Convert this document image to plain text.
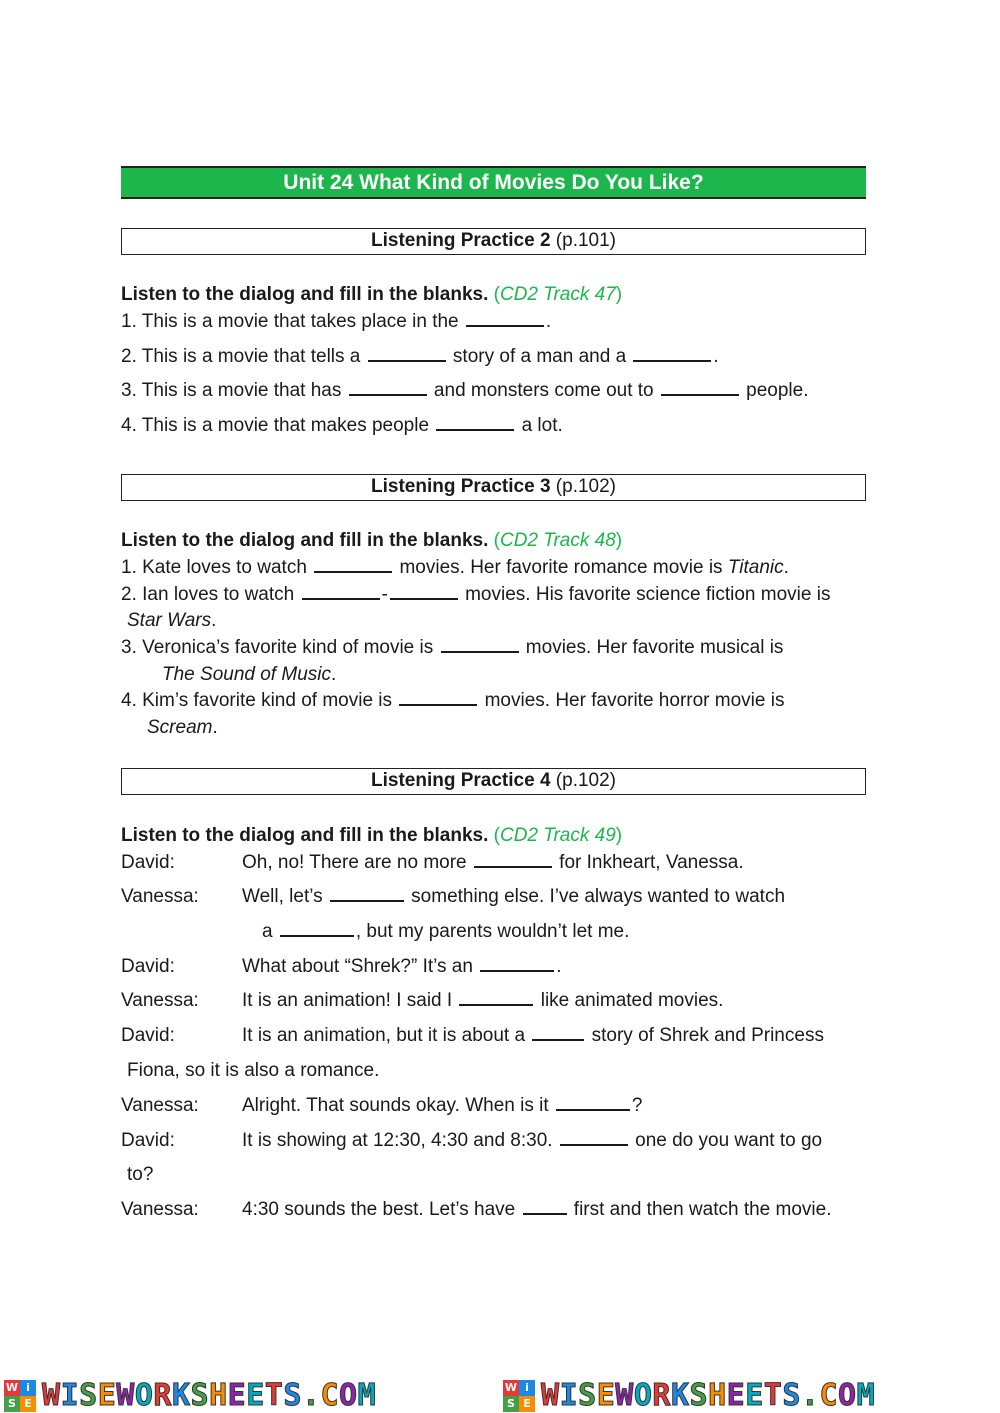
Unit 24 What Kind of Movies Do You Like?
Listening Practice 2 (p.101)
Listen to the dialog and fill in the blanks. (CD2 Track 47)
1. This is a movie that takes place in the	.
2. This is a movie that tells a	story of a man and a	.
3. This is a movie that has	and monsters come out to	people.
4. This is a movie that makes people	a lot.
Listening Practice 3 (p.102)
Listen to the dialog and fill in the blanks. (CD2 Track 48)
1. Kate loves to watch	movies. Her favorite romance movie is Titanic.
2. Ian loves to watch	-	movies. His favorite science fiction movie is
Star Wars.
3. Veronica’s favorite kind of movie is	movies. Her favorite musical is
The Sound of Music.
4. Kim’s favorite kind of movie is	movies. Her favorite horror movie is
Scream.
Listening Practice 4 (p.102)
Listen to the dialog and fill in the blanks. (CD2 Track 49)
David:	Oh, no! There are no more	for Inkheart, Vanessa.
Vanessa: Well, let’s	something else. I’ve always wanted to watch
a	, but my parents wouldn’t let me.
David:	What about “Shrek?” It’s an	.
Vanessa: It is an animation! I said I	like animated movies.
David:	It is an animation, but it is about a	story of Shrek and Princess
Fiona, so it is also a romance.
Vanessa: Alright. That sounds okay. When is it	?
David:	It is showing at 12:30, 4:30 and 8:30.	one do you want to go
to?
Vanessa: 4:30 sounds the best. Let’s have	first and then watch the movie.
W i
S E WISEWORKSHEETS.COM	W i
S E WISEWORKSHEETS.COM
